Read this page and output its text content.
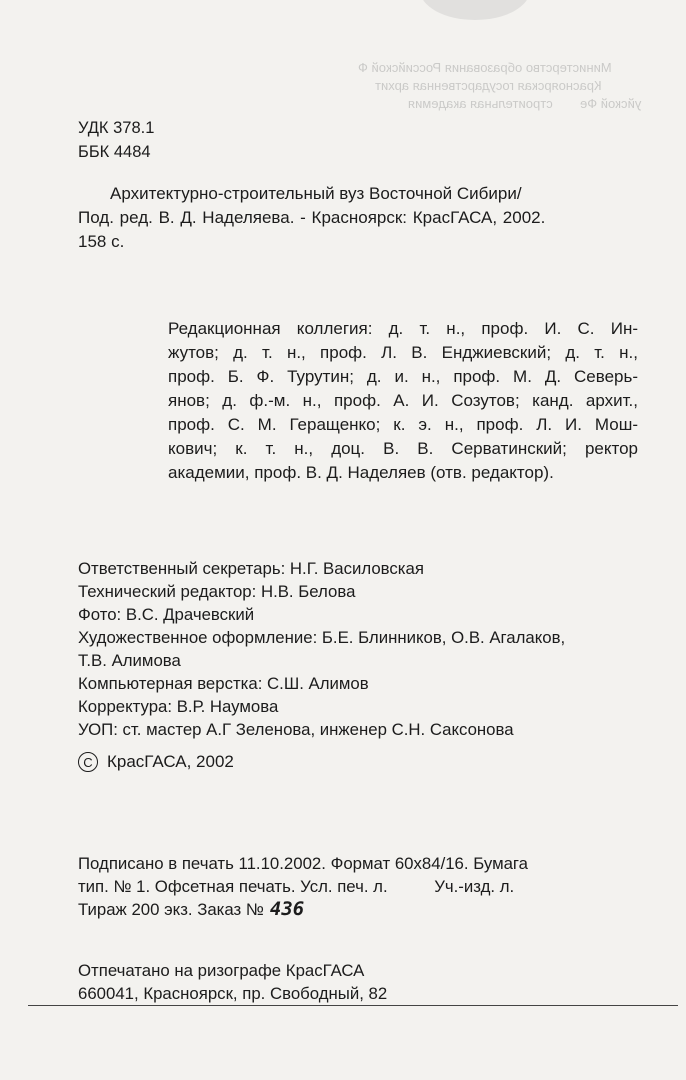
Министерство образования Российской Ф
Красноярская государственная архит
строительная академия уйской Фе
УДК 378.1
ББК 4484
Архитектурно-строительный вуз Восточной Сибири/
Под. ред. В. Д. Наделяева. - Красноярск: КрасГАСА, 2002.
158 с.
Редакционная коллегия: д. т. н., проф. И. С. Ин-
жутов; д. т. н., проф. Л. В. Енджиевский; д. т. н.,
проф. Б. Ф. Турутин; д. и. н., проф. М. Д. Северь-
янов; д. ф.-м. н., проф. А. И. Созутов; канд. архит.,
проф. С. М. Геращенко; к. э. н., проф. Л. И. Мош-
кович; к. т. н., доц. В. В. Серватинский; ректор
академии, проф. В. Д. Наделяев (отв. редактор).
Ответственный секретарь: Н.Г. Василовская
Технический редактор: Н.В. Белова
Фото: В.С. Драчевский
Художественное оформление: Б.Е. Блинников, О.В. Агалаков,
Т.В. Алимова
Компьютерная верстка: С.Ш. Алимов
Корректура: В.Р. Наумова
УОП: ст. мастер А.Г Зеленова, инженер С.Н. Саксонова
С КрасГАСА, 2002
Подписано в печать 11.10.2002. Формат 60x84/16. Бумага
тип. № 1. Офсетная печать. Усл. печ. л.          Уч.-изд. л.
Тираж 200 экз. Заказ № 436
Отпечатано на ризографе КрасГАСА
660041, Красноярск, пр. Свободный, 82
